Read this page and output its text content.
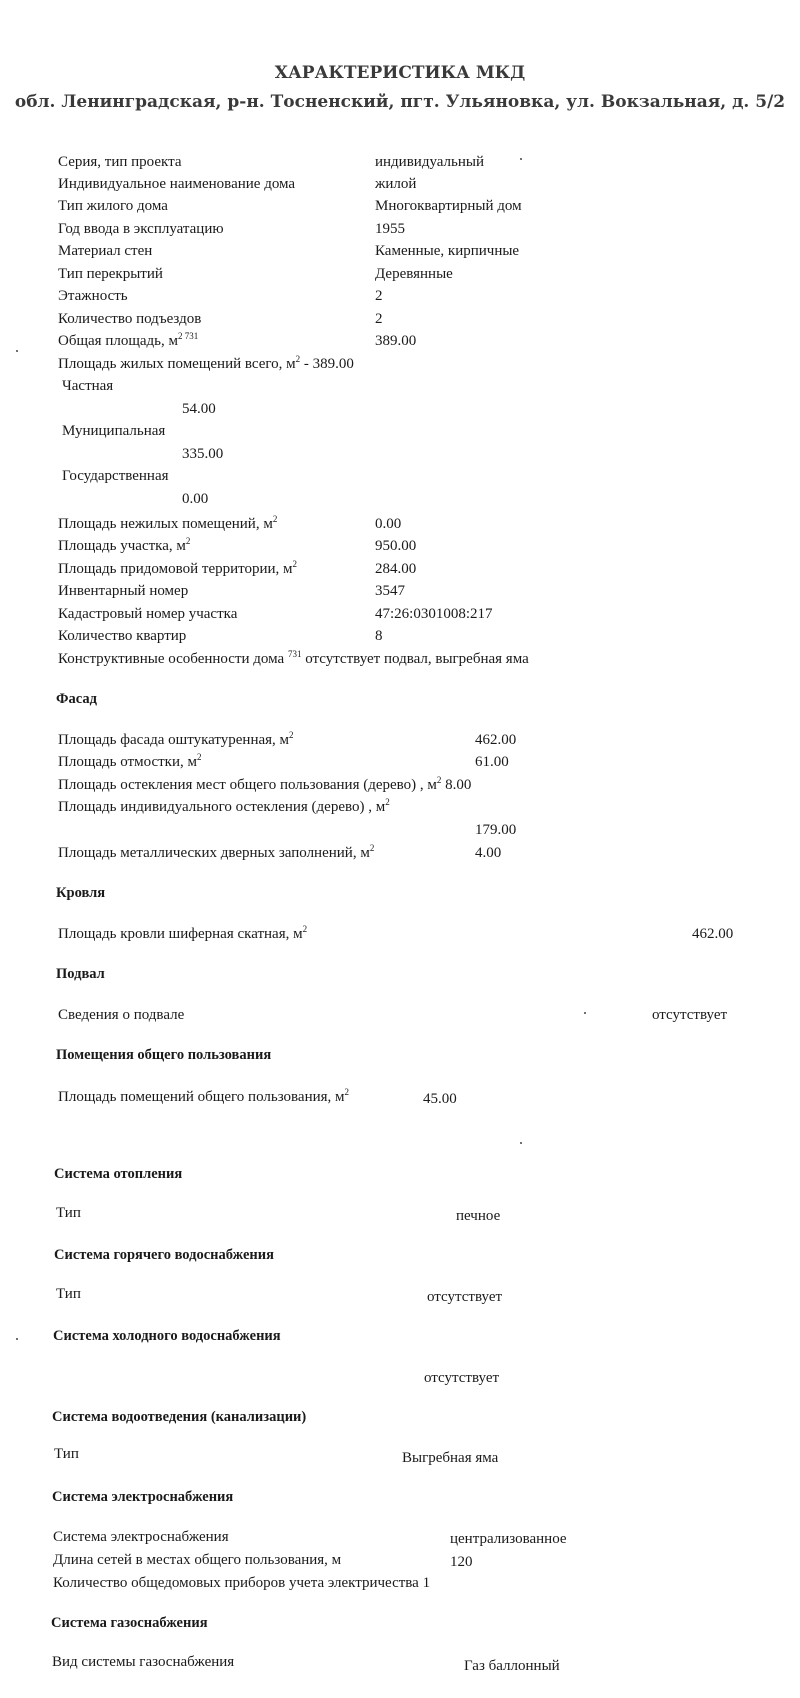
ХАРАКТЕРИСТИКА МКД
обл. Ленинградская, р-н. Тосненский, пгт. Ульяновка, ул. Вокзальная, д. 5/2
Серия, тип проекта	индивидуальный
Индивидуальное наименование дома	жилой
Тип жилого дома	Многоквартирный дом
Год ввода в эксплуатацию	1955
Материал стен	Каменные, кирпичные
Тип перекрытий	Деревянные
Этажность	2
Количество подъездов	2
Общая площадь, $м^{2 731}$	389.00
Площадь жилых помещений всего, $м^2 - 389.00$
Частная
54.00
Муниципальная
335.00
Государственная
0.00
Площадь нежилых помещений, $м^2$	0.00
Площадь участка, $м^2$	950.00
Площадь придомовой территории, $м^2$	284.00
Инвентарный номер	3547
Кадастровый номер участка	47:26:0301008:217
Количество квартир	8
Конструктивные особенности дома $^{731}$ отсутствует подвал, выгребная яма
Фасад
Площадь фасада оштукатуренная, $м^2$	462.00
Площадь отмостки, $м^2$	61.00
Площадь остекления мест общего пользования (дерево) , $м^2$ 8.00
Площадь индивидуального остекления (дерево) , $м^2$
179.00
Площадь металлических дверных заполнений, $м^2$	4.00
Кровля
Площадь кровли шиферная скатная, $м^2$	462.00
Подвал
Сведения о подвале	отсутствует
Помещения общего пользования
Площадь помещений общего пользования, $м^2$	45.00
Система отопления
Тип	печное
Система горячего водоснабжения
Тип	отсутствует
Система холодного водоснабжения
отсутствует
Система водоотведения (канализации)
Тип	Выгребная яма
Система электроснабжения
Система электроснабжения	централизованное
Длина сетей в местах общего пользования, м	120
Количество общедомовых приборов учета электричества 1
Система газоснабжения
Вид системы газоснабжения	Газ баллонный
